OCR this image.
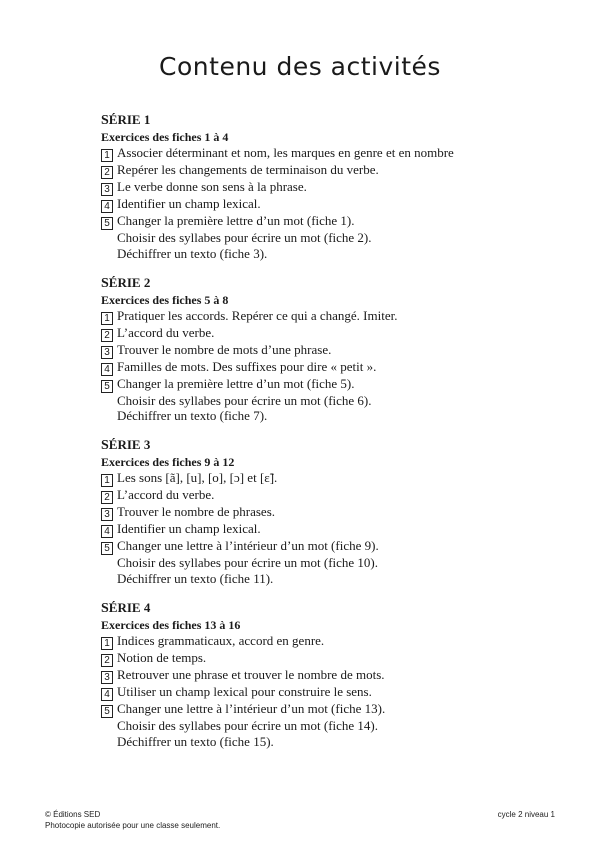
Contenu des activités
SÉRIE 1
Exercices des fiches 1 à 4
1 Associer déterminant et nom, les marques en genre et en nombre
2 Repérer les changements de terminaison du verbe.
3 Le verbe donne son sens à la phrase.
4 Identifier un champ lexical.
5 Changer la première lettre d’un mot (fiche 1).
Choisir des syllabes pour écrire un mot (fiche 2).
Déchiffrer un texto (fiche 3).
SÉRIE 2
Exercices des fiches 5 à 8
1 Pratiquer les accords. Repérer ce qui a changé. Imiter.
2 L’accord du verbe.
3 Trouver le nombre de mots d’une phrase.
4 Familles de mots. Des suffixes pour dire « petit ».
5 Changer la première lettre d’un mot (fiche 5).
Choisir des syllabes pour écrire un mot (fiche 6).
Déchiffrer un texto (fiche 7).
SÉRIE 3
Exercices des fiches 9 à 12
1 Les sons [ã], [u], [o], [ɔ] et [ɛ̃].
2 L’accord du verbe.
3 Trouver le nombre de phrases.
4 Identifier un champ lexical.
5 Changer une lettre à l’intérieur d’un mot (fiche 9).
Choisir des syllabes pour écrire un mot (fiche 10).
Déchiffrer un texto (fiche 11).
SÉRIE 4
Exercices des fiches 13 à 16
1 Indices grammaticaux, accord en genre.
2 Notion de temps.
3 Retrouver une phrase et trouver le nombre de mots.
4 Utiliser un champ lexical pour construire le sens.
5 Changer une lettre à l’intérieur d’un mot (fiche 13).
Choisir des syllabes pour écrire un mot (fiche 14).
Déchiffrer un texto (fiche 15).
© Éditions SED	cycle 2 niveau 1
Photocopie autorisée pour une classe seulement.
